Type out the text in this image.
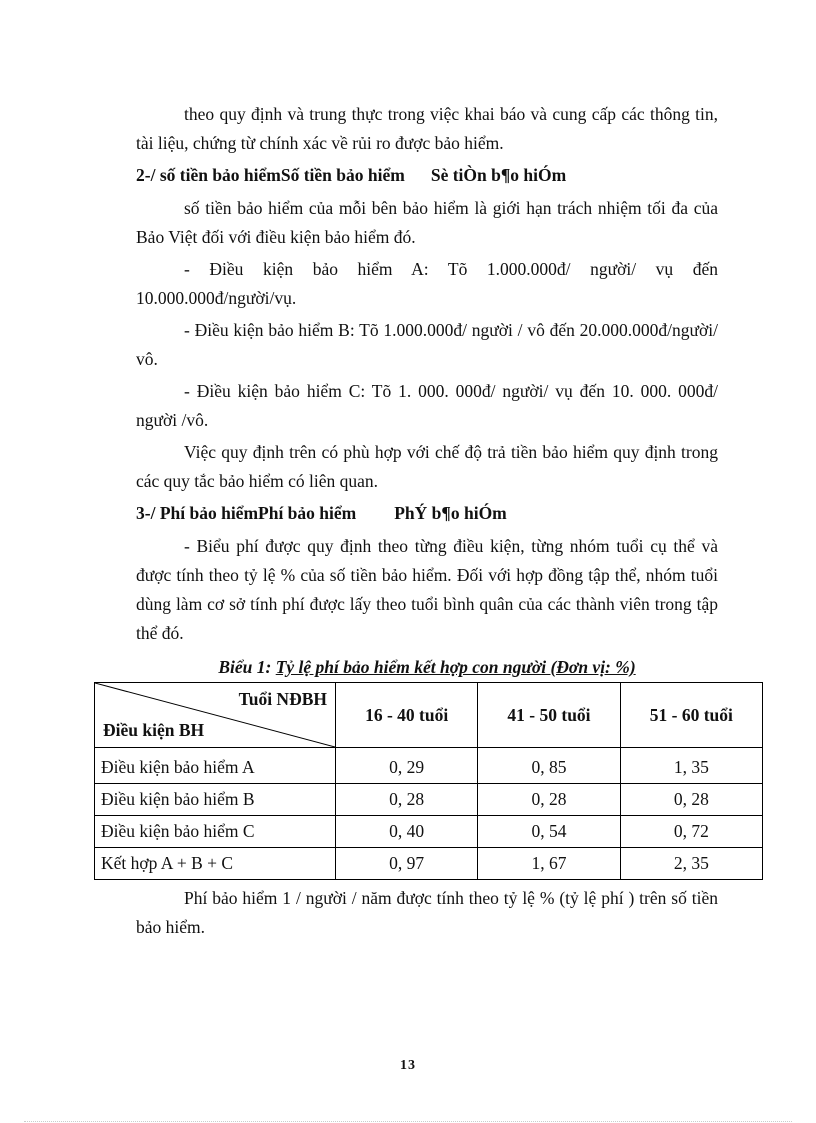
theo quy định và trung thực trong việc khai báo và cung cấp các thông tin, tài liệu, chứng từ chính xác về rủi ro được bảo hiểm.

2-/ số tiền bảo hiểmSố tiền bảo hiểm Sè tiÒn b¶o hiÓm

số tiền bảo hiểm của mỗi bên bảo hiểm là giới hạn trách nhiệm tối đa của Bảo Việt đối với điều kiện bảo hiểm đó.

- Điều kiện bảo hiểm A: Tõ 1.000.000đ/ người/ vụ đến 10.000.000đ/người/vụ.

- Điều kiện bảo hiểm B: Tõ 1.000.000đ/ người / vô đến 20.000.000đ/người/ vô.

- Điều kiện bảo hiểm C: Tõ 1. 000. 000đ/ người/ vụ đến 10. 000. 000đ/ người /vô.

Việc quy định trên có phù hợp với chế độ trả tiền bảo hiểm quy định trong các quy tắc bảo hiểm có liên quan.

3-/ Phí bảo hiểmPhí bảo hiểm PhÝ b¶o hiÓm

- Biểu phí được quy định theo từng điều kiện, từng nhóm tuổi cụ thể và được tính theo tỷ lệ % của số tiền bảo hiểm. Đối với hợp đồng tập thể, nhóm tuổi dùng làm cơ sở tính phí được lấy theo tuổi bình quân của các thành viên trong tập thể đó.

Biểu 1: Tỷ lệ phí bảo hiểm kết hợp con người (Đơn vị: %)
Tuổi NĐBH
Điều kiện BH	16 - 40 tuổi	41 - 50 tuổi	51 - 60 tuổi
Điều kiện bảo hiểm A	0, 29	0, 85	1, 35
Điều kiện bảo hiểm B	0, 28	0, 28	0, 28
Điều kiện bảo hiểm C	0, 40	0, 54	0, 72
Kết hợp A + B + C	0, 97	1, 67	2, 35

Phí bảo hiểm 1 / người / năm được tính theo tỷ lệ % (tỷ lệ phí ) trên số tiền bảo hiểm.

13
